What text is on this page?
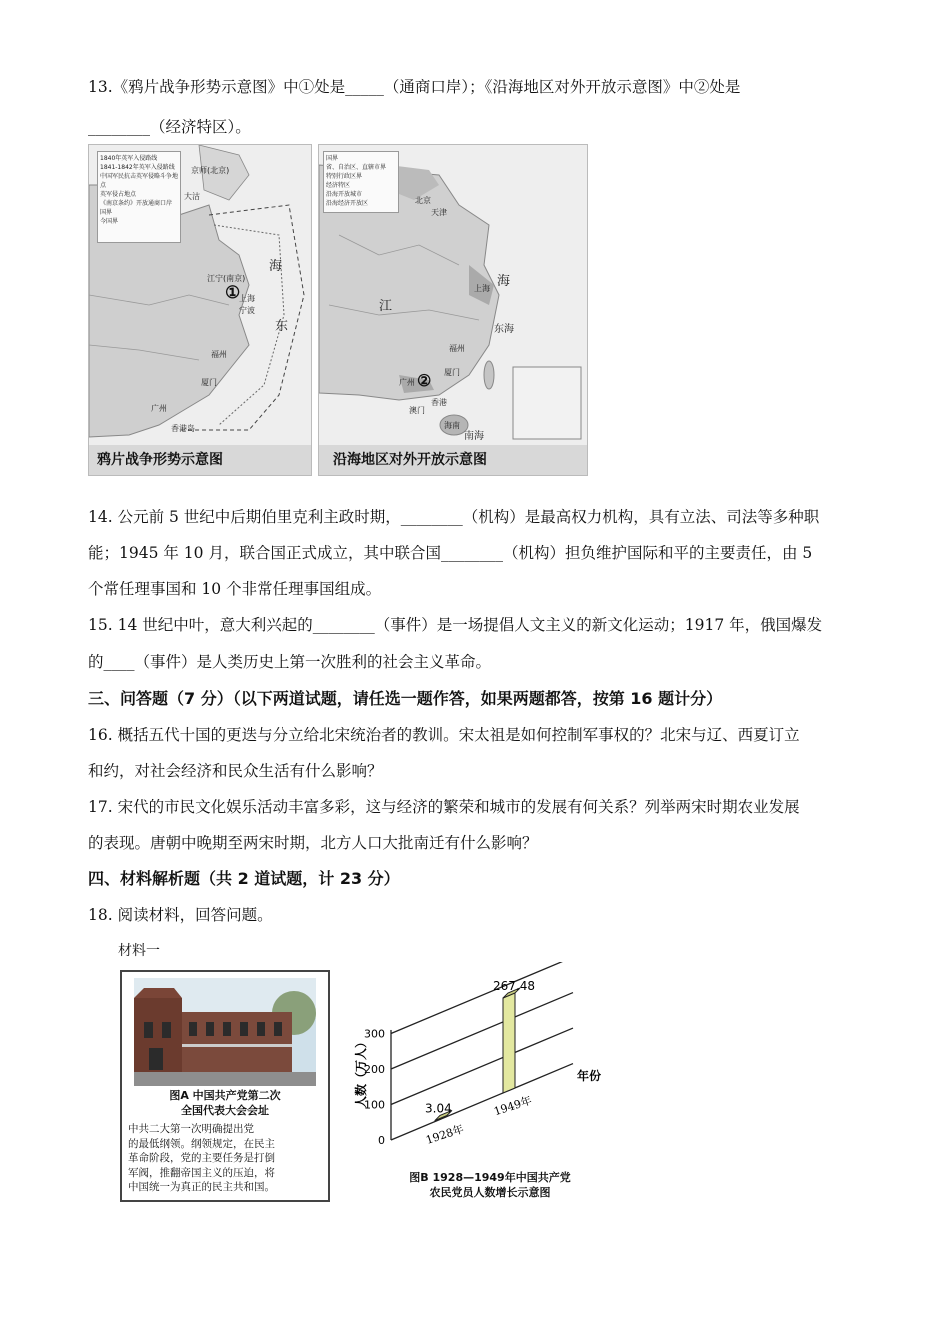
13.《鸦片战争形势示意图》中①处是_____（通商口岸）；《沿海地区对外开放示意图》中②处是
________（经济特区）。
1840年英军入侵路线
1841-1842年英军入侵路线
中国军民抗击英军侵略斗争地点
英军侵占地点
《南京条约》开放通商口岸
国界
今国界
京师(北京)
大沽
江宁(南京)
上海
宁波
福州
厦门
广州
香港岛
海
东
①
鸦片战争形势示意图
国界
省、自治区、直辖市界
特别行政区界
经济特区
沿海开放城市
沿海经济开放区	北京
天津
上海
福州
广州
厦门
香港
澳门
海南
东海
南海
海
江
②
沿海地区对外开放示意图
14. 公元前 5 世纪中后期伯里克利主政时期，________（机构）是最高权力机构，具有立法、司法等多种职
能；1945 年 10 月，联合国正式成立，其中联合国________（机构）担负维护国际和平的主要责任，由 5
个常任理事国和 10 个非常任理事国组成。
15. 14 世纪中叶，意大利兴起的________（事件）是一场提倡人文主义的新文化运动；1917 年，俄国爆发
的____（事件）是人类历史上第一次胜利的社会主义革命。
三、问答题（7 分）（以下两道试题，请任选一题作答，如果两题都答，按第 16 题计分）
16. 概括五代十国的更迭与分立给北宋统治者的教训。宋太祖是如何控制军事权的？北宋与辽、西夏订立
和约，对社会经济和民众生活有什么影响？
17. 宋代的市民文化娱乐活动丰富多彩，这与经济的繁荣和城市的发展有何关系？列举两宋时期农业发展
的表现。唐朝中晚期至两宋时期，北方人口大批南迁有什么影响？
四、材料解析题（共 2 道试题，计 23 分）
18. 阅读材料，回答问题。
材料一
图A 中国共产党第二次
全国代表大会会址
中共二大第一次明确提出党
的最低纲领。纲领规定，在民主
革命阶段，党的主要任务是打倒
军阀，推翻帝国主义的压迫，将
中国统一为真正的民主共和国。
0
100
200
300
人数（万人）	年份
3.04
1928年
267.48
1949年
图B 1928—1949年中国共产党
农民党员人数增长示意图
